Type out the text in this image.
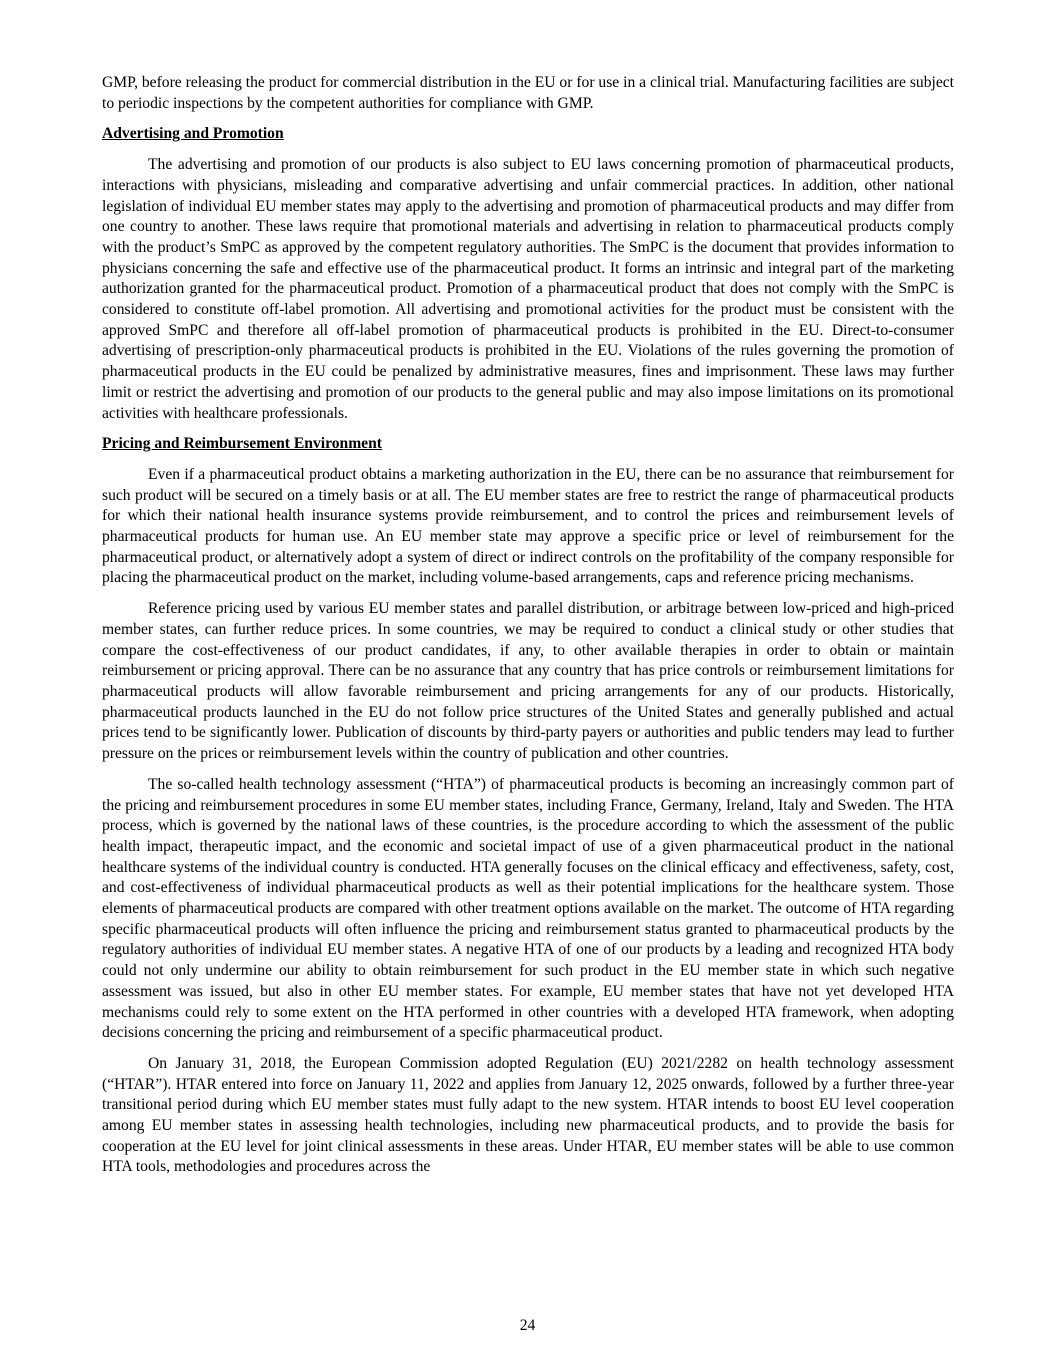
GMP, before releasing the product for commercial distribution in the EU or for use in a clinical trial. Manufacturing facilities are subject to periodic inspections by the competent authorities for compliance with GMP.

Advertising and Promotion

The advertising and promotion of our products is also subject to EU laws concerning promotion of pharmaceutical products, interactions with physicians, misleading and comparative advertising and unfair commercial practices. In addition, other national legislation of individual EU member states may apply to the advertising and promotion of pharmaceutical products and may differ from one country to another. These laws require that promotional materials and advertising in relation to pharmaceutical products comply with the product’s SmPC as approved by the competent regulatory authorities. The SmPC is the document that provides information to physicians concerning the safe and effective use of the pharmaceutical product. It forms an intrinsic and integral part of the marketing authorization granted for the pharmaceutical product. Promotion of a pharmaceutical product that does not comply with the SmPC is considered to constitute off-label promotion. All advertising and promotional activities for the product must be consistent with the approved SmPC and therefore all off-label promotion of pharmaceutical products is prohibited in the EU. Direct-to-consumer advertising of prescription-only pharmaceutical products is prohibited in the EU. Violations of the rules governing the promotion of pharmaceutical products in the EU could be penalized by administrative measures, fines and imprisonment. These laws may further limit or restrict the advertising and promotion of our products to the general public and may also impose limitations on its promotional activities with healthcare professionals.

Pricing and Reimbursement Environment

Even if a pharmaceutical product obtains a marketing authorization in the EU, there can be no assurance that reimbursement for such product will be secured on a timely basis or at all. The EU member states are free to restrict the range of pharmaceutical products for which their national health insurance systems provide reimbursement, and to control the prices and reimbursement levels of pharmaceutical products for human use. An EU member state may approve a specific price or level of reimbursement for the pharmaceutical product, or alternatively adopt a system of direct or indirect controls on the profitability of the company responsible for placing the pharmaceutical product on the market, including volume-based arrangements, caps and reference pricing mechanisms.

Reference pricing used by various EU member states and parallel distribution, or arbitrage between low-priced and high-priced member states, can further reduce prices. In some countries, we may be required to conduct a clinical study or other studies that compare the cost-effectiveness of our product candidates, if any, to other available therapies in order to obtain or maintain reimbursement or pricing approval. There can be no assurance that any country that has price controls or reimbursement limitations for pharmaceutical products will allow favorable reimbursement and pricing arrangements for any of our products. Historically, pharmaceutical products launched in the EU do not follow price structures of the United States and generally published and actual prices tend to be significantly lower. Publication of discounts by third-party payers or authorities and public tenders may lead to further pressure on the prices or reimbursement levels within the country of publication and other countries.

The so-called health technology assessment (“HTA”) of pharmaceutical products is becoming an increasingly common part of the pricing and reimbursement procedures in some EU member states, including France, Germany, Ireland, Italy and Sweden. The HTA process, which is governed by the national laws of these countries, is the procedure according to which the assessment of the public health impact, therapeutic impact, and the economic and societal impact of use of a given pharmaceutical product in the national healthcare systems of the individual country is conducted. HTA generally focuses on the clinical efficacy and effectiveness, safety, cost, and cost-effectiveness of individual pharmaceutical products as well as their potential implications for the healthcare system. Those elements of pharmaceutical products are compared with other treatment options available on the market. The outcome of HTA regarding specific pharmaceutical products will often influence the pricing and reimbursement status granted to pharmaceutical products by the regulatory authorities of individual EU member states. A negative HTA of one of our products by a leading and recognized HTA body could not only undermine our ability to obtain reimbursement for such product in the EU member state in which such negative assessment was issued, but also in other EU member states. For example, EU member states that have not yet developed HTA mechanisms could rely to some extent on the HTA performed in other countries with a developed HTA framework, when adopting decisions concerning the pricing and reimbursement of a specific pharmaceutical product.

On January 31, 2018, the European Commission adopted Regulation (EU) 2021/2282 on health technology assessment (“HTAR”). HTAR entered into force on January 11, 2022 and applies from January 12, 2025 onwards, followed by a further three-year transitional period during which EU member states must fully adapt to the new system. HTAR intends to boost EU level cooperation among EU member states in assessing health technologies, including new pharmaceutical products, and to provide the basis for cooperation at the EU level for joint clinical assessments in these areas. Under HTAR, EU member states will be able to use common HTA tools, methodologies and procedures across the

24
